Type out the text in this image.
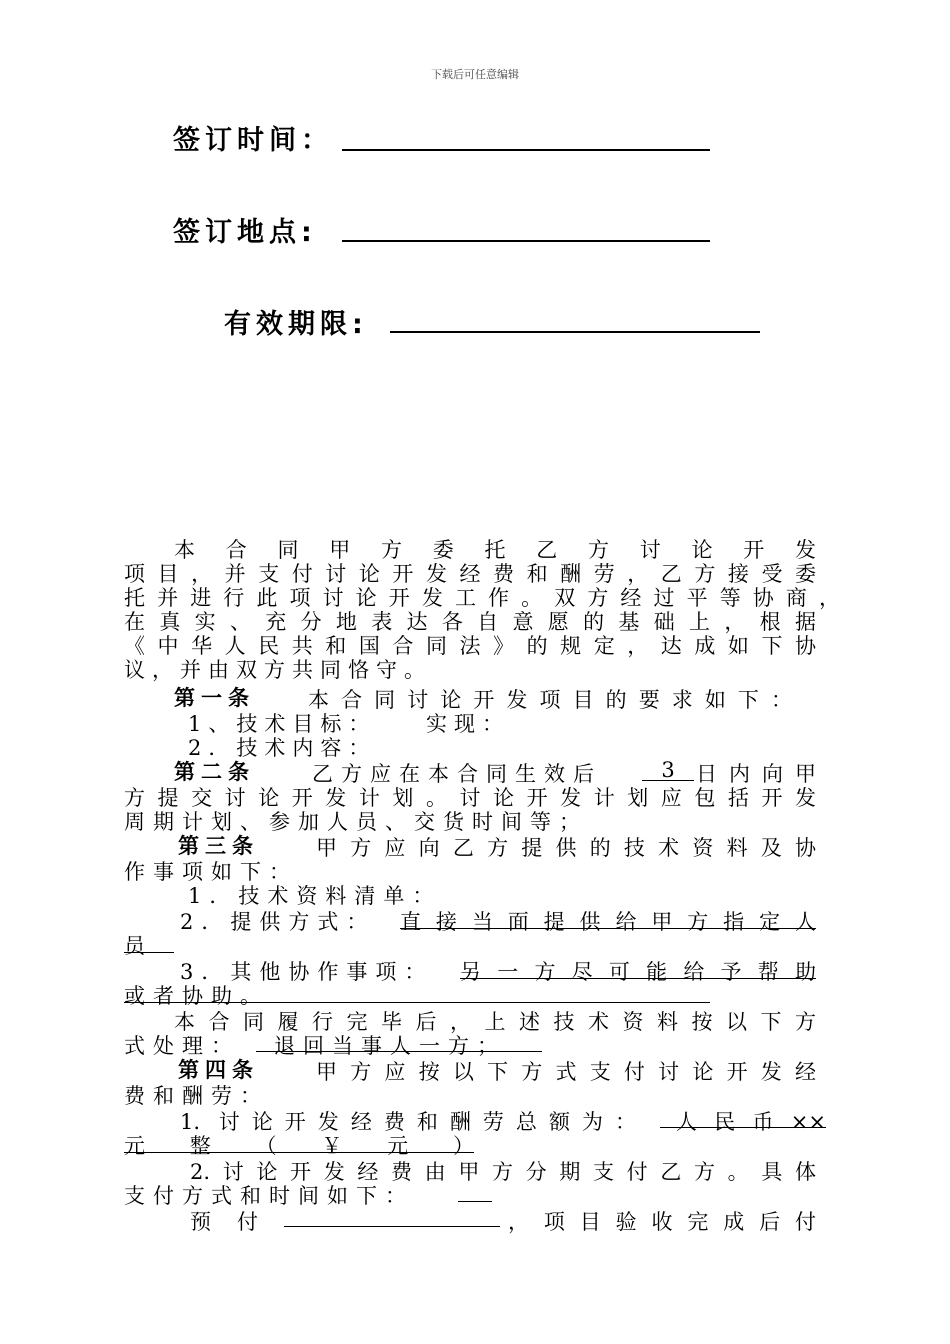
下载后可任意编辑
签订时间：
签订地点:
有效期限:
本合同甲方委托乙方讨论开发
项目，并支付讨论开发经费和酬劳，乙方接受委
托并进行此项讨论开发工作。双方经过平等协商，
在真实、充分地表达各自意愿的基础上，根据
《中华人民共和国合同法》的规定，达成如下协
议，并由双方共同恪守。
第一条	本合同讨论开发项目的要求如下：
1、技术目标： 实现：
2．技术内容：
第二条	乙方应在本合同生效后	3	日内向甲
方提交讨论开发计划。讨论开发计划应包括开发
周期计划、参加人员、交货时间等；
第三条	甲方应向乙方提供的技术资料及协
作事项如下：
1．技术资料清单：
2．提供方式： 直接当面提供给甲方指定人
员
3．其他协作事项： 另一方尽可能给予帮助
或者协助。
本合同履行完毕后，上述技术资料按以下方
式处理：	退回当事人一方；
第四条	甲方应按以下方式支付讨论开发经
费和酬劳：
1. 讨论开发经费和酬劳总额为：	人民币××
元整（￥元）
2.讨论开发经费由甲方分期支付乙方。具体
支付方式和时间如下：
预付	，项目验收完成后付
